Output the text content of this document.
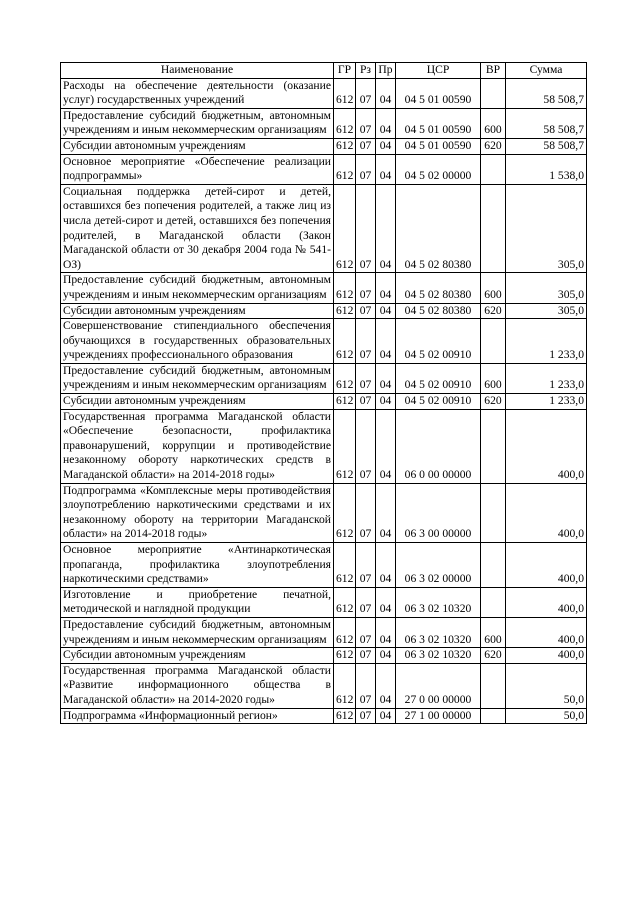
Наименование	ГР	Рз	Пр	ЦСР	ВР	Сумма
Расходы на обеспечение деятельности (оказание услуг) государственных учреждений	612	07	04	04 5 01 00590		58 508,7
Предоставление субсидий бюджетным, автономным учреждениям и иным некоммерческим организациям	612	07	04	04 5 01 00590	600	58 508,7
Субсидии автономным учреждениям	612	07	04	04 5 01 00590	620	58 508,7
Основное мероприятие «Обеспечение реализации подпрограммы»	612	07	04	04 5 02 00000		1 538,0
Социальная поддержка детей-сирот и детей, оставшихся без попечения родителей, а также лиц из числа детей-сирот и детей, оставшихся без попечения родителей, в Магаданской области (Закон Магаданской области от 30 декабря 2004 года № 541-ОЗ)	612	07	04	04 5 02 80380		305,0
Предоставление субсидий бюджетным, автономным учреждениям и иным некоммерческим организациям	612	07	04	04 5 02 80380	600	305,0
Субсидии автономным учреждениям	612	07	04	04 5 02 80380	620	305,0
Совершенствование стипендиального обеспечения обучающихся в государственных образовательных учреждениях профессионального образования	612	07	04	04 5 02 00910		1 233,0
Предоставление субсидий бюджетным, автономным учреждениям и иным некоммерческим организациям	612	07	04	04 5 02 00910	600	1 233,0
Субсидии автономным учреждениям	612	07	04	04 5 02 00910	620	1 233,0
Государственная программа Магаданской области «Обеспечение безопасности, профилактика правонарушений, коррупции и противодействие незаконному обороту наркотических средств в Магаданской области» на 2014-2018 годы»	612	07	04	06 0 00 00000		400,0
Подпрограмма «Комплексные меры противодействия злоупотреблению наркотическими средствами и их незаконному обороту на территории Магаданской области» на 2014-2018 годы»	612	07	04	06 3 00 00000		400,0
Основное мероприятие «Антинаркотическая пропаганда, профилактика злоупотребления наркотическими средствами»	612	07	04	06 3 02 00000		400,0
Изготовление и приобретение печатной, методической и наглядной продукции	612	07	04	06 3 02 10320		400,0
Предоставление субсидий бюджетным, автономным учреждениям и иным некоммерческим организациям	612	07	04	06 3 02 10320	600	400,0
Субсидии автономным учреждениям	612	07	04	06 3 02 10320	620	400,0
Государственная программа Магаданской области «Развитие информационного общества в Магаданской области» на 2014-2020 годы»	612	07	04	27 0 00 00000		50,0
Подпрограмма «Информационный регион»	612	07	04	27 1 00 00000		50,0
